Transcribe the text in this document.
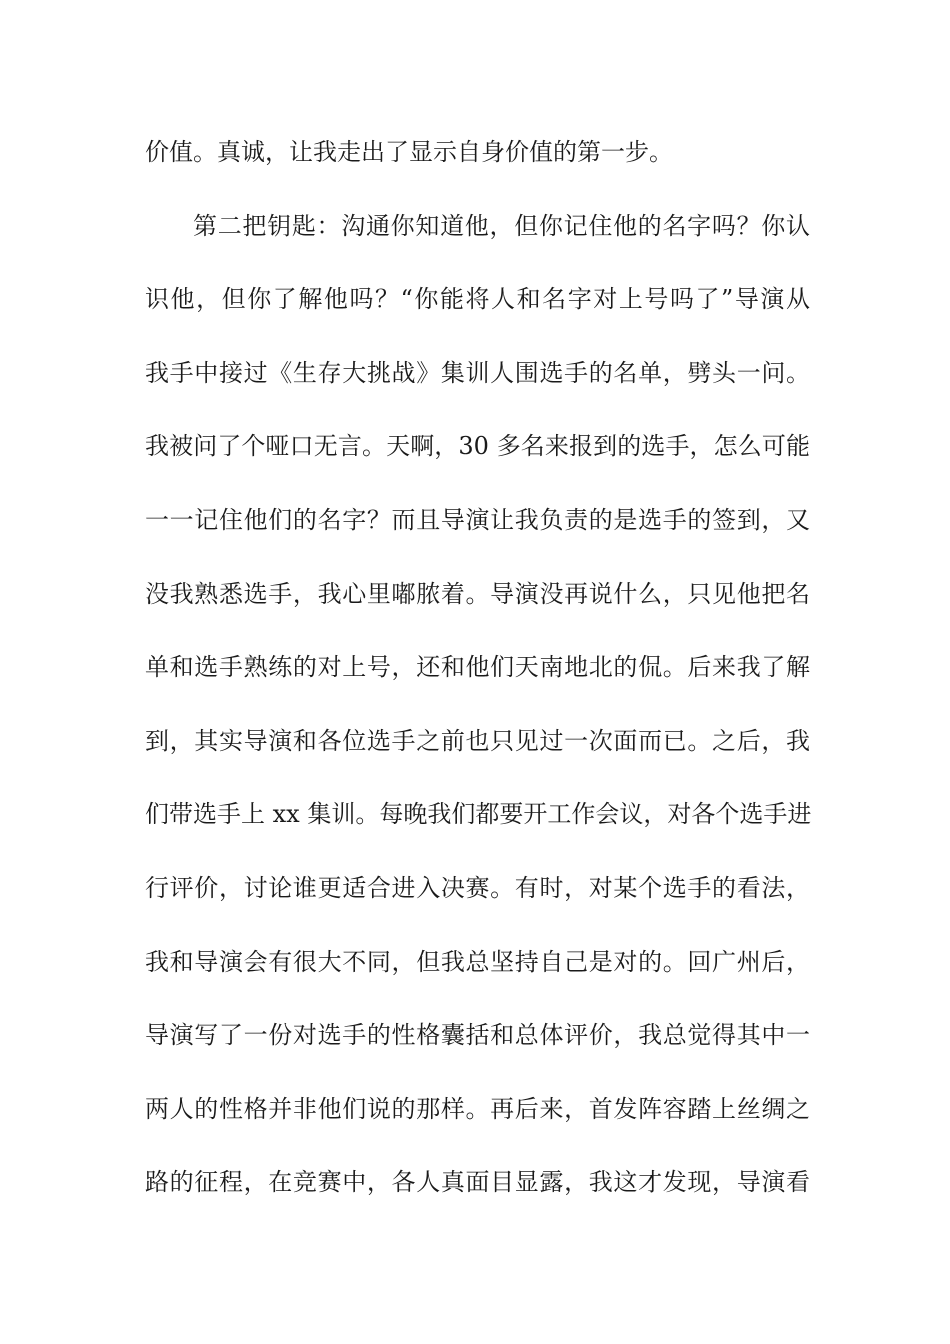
价值。真诚，让我走出了显示自身价值的第一步。
第二把钥匙：沟通你知道他，但你记住他的名字吗？你认
识他，但你了解他吗？“你能将人和名字对上号吗了”导演从
我手中接过《生存大挑战》集训人围选手的名单，劈头一问。
我被问了个哑口无言。天啊，30 多名来报到的选手，怎么可能
一一记住他们的名字？而且导演让我负责的是选手的签到，又
没我熟悉选手，我心里嘟脓着。导演没再说什么，只见他把名
单和选手熟练的对上号，还和他们天南地北的侃。后来我了解
到，其实导演和各位选手之前也只见过一次面而已。之后，我
们带选手上 xx 集训。每晚我们都要开工作会议，对各个选手进
行评价，讨论谁更适合进入决赛。有时，对某个选手的看法，
我和导演会有很大不同，但我总坚持自己是对的。回广州后，
导演写了一份对选手的性格囊括和总体评价，我总觉得其中一
两人的性格并非他们说的那样。再后来，首发阵容踏上丝绸之
路的征程，在竞赛中，各人真面目显露，我这才发现，导演看
